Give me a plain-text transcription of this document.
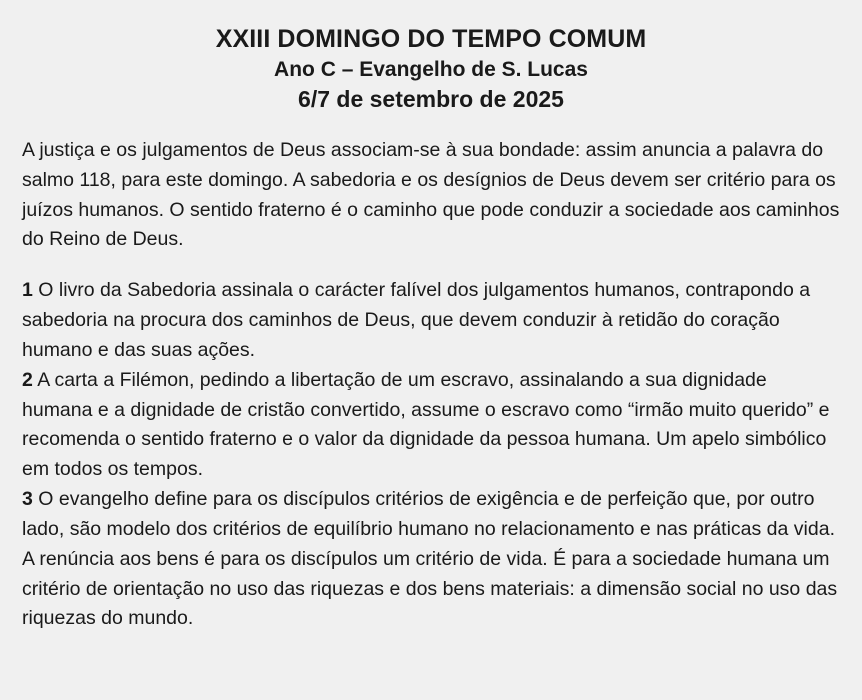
XXIII DOMINGO DO TEMPO COMUM
Ano C – Evangelho de S. Lucas
6/7 de setembro de 2025

A justiça e os julgamentos de Deus associam-se à sua bondade: assim anuncia a palavra do salmo 118, para este domingo. A sabedoria e os desígnios de Deus devem ser critério para os juízos humanos. O sentido fraterno é o caminho que pode conduzir a sociedade aos caminhos do Reino de Deus.

1 O livro da Sabedoria assinala o carácter falível dos julgamentos humanos, contrapondo a sabedoria na procura dos caminhos de Deus, que devem conduzir à retidão do coração humano e das suas ações.

2 A carta a Filémon, pedindo a libertação de um escravo, assinalando a sua dignidade humana e a dignidade de cristão convertido, assume o escravo como “irmão muito querido” e recomenda o sentido fraterno e o valor da dignidade da pessoa humana. Um apelo simbólico em todos os tempos.

3 O evangelho define para os discípulos critérios de exigência e de perfeição que, por outro lado, são modelo dos critérios de equilíbrio humano no relacionamento e nas práticas da vida. A renúncia aos bens é para os discípulos um critério de vida. É para a sociedade humana um critério de orientação no uso das riquezas e dos bens materiais: a dimensão social no uso das riquezas do mundo.
